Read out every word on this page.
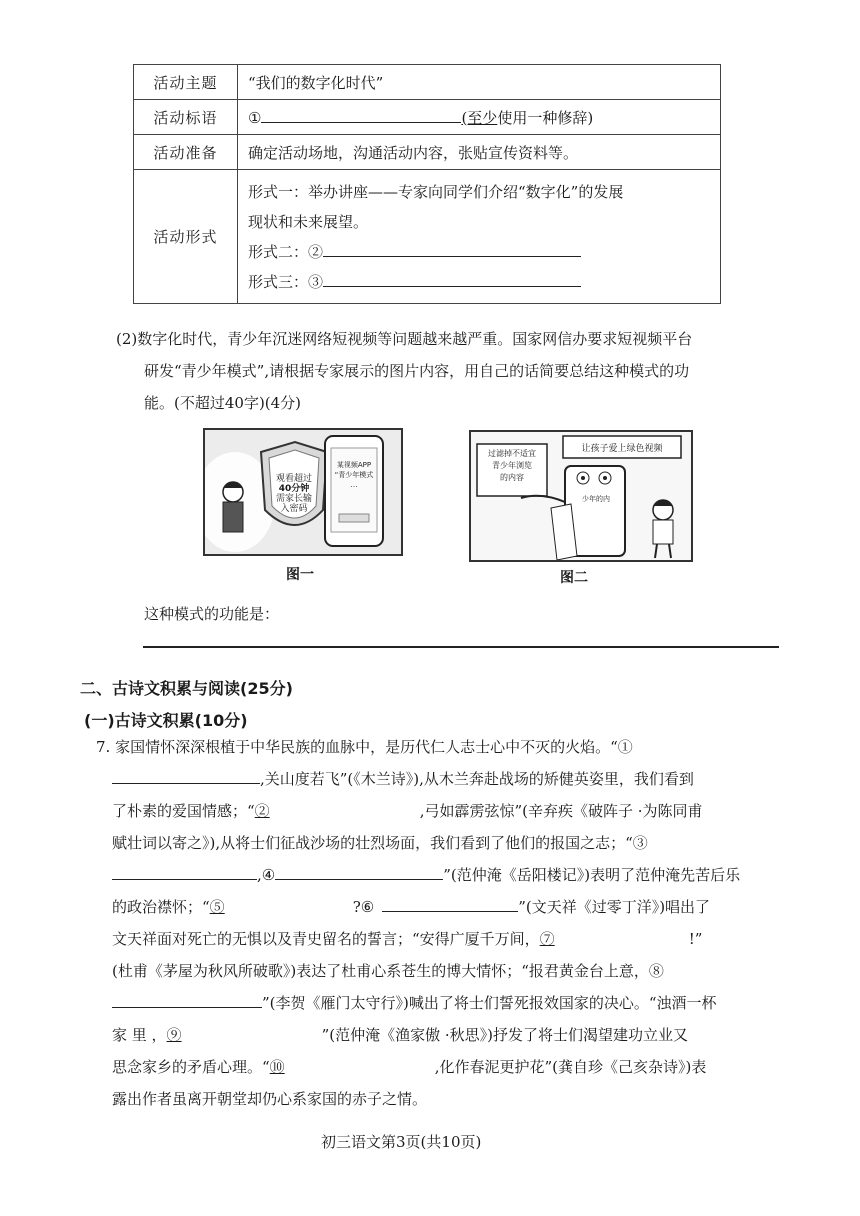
活动主题	“我们的数字化时代”
活动标语	① (至少使用一种修辞)
活动准备	确定活动场地，沟通活动内容，张贴宣传资料等。
活动形式	形式一：举办讲座——专家向同学们介绍“数字化”的发展
现状和未来展望。
形式二：②
形式三：③
(2)数字化时代，青少年沉迷网络短视频等问题越来越严重。国家网信办要求短视频平台
研发“青少年模式”,请根据专家展示的图片内容，用自己的话简要总结这种模式的功
能。(不超过40字)(4分)
观看超过
40分钟
需家长输
入密码
某视频APP
“青少年模式
…
图一
过滤掉不适宜
青少年浏览
的内容
让孩子爱上绿色视频
少年的内
图二
这种模式的功能是：
二、古诗文积累与阅读(25分)
(一)古诗文积累(10分)
7. 家国情怀深深根植于中华民族的血脉中，是历代仁人志士心中不灭的火焰。“①
,关山度若飞”(《木兰诗》),从木兰奔赴战场的矫健英姿里，我们看到
了朴素的爱国情感；“②	,弓如霹雳弦惊”(辛弃疾《破阵子 ·为陈同甫
赋壮词以寄之》),从将士们征战沙场的壮烈场面，我们看到了他们的报国之志；“③
,④	”(范仲淹《岳阳楼记》)表明了范仲淹先苦后乐
的政治襟怀；“⑤	?⑥	”(文天祥《过零丁洋》)唱出了
文天祥面对死亡的无惧以及青史留名的誓言；“安得广厦千万间，⑦	!”
(杜甫《茅屋为秋风所破歌》)表达了杜甫心系苍生的博大情怀；“报君黄金台上意，⑧
”(李贺《雁门太守行》)喊出了将士们誓死报效国家的决心。“浊酒一杯
家 里 ，⑨	”(范仲淹《渔家傲 ·秋思》)抒发了将士们渴望建功立业又
思念家乡的矛盾心理。“⑩	,化作春泥更护花”(龚自珍《己亥杂诗》)表
露出作者虽离开朝堂却仍心系家国的赤子之情。
初三语文第3页(共10页)
